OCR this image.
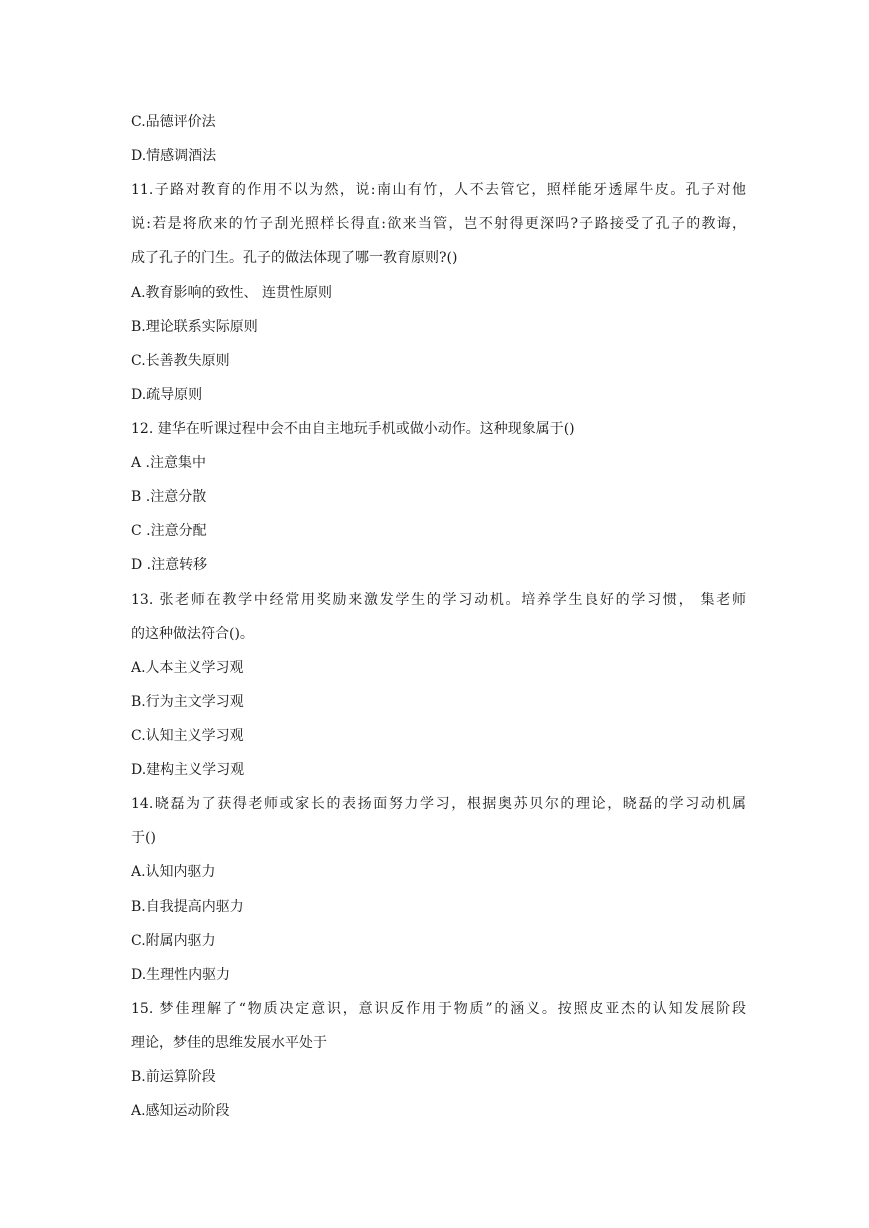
C.品德评价法
D.情感调酒法
11.子路对教育的作用不以为然，说:南山有竹，人不去管它，照样能牙透犀牛皮。孔子对他
说:若是将欣来的竹子刮光照样长得直:欲来当管，岂不射得更深吗?子路接受了孔子的教诲，
成了孔子的门生。孔子的做法体现了哪一教育原则?()
A.教育影响的致性、 连贯性原则
B.理论联系实际原则
C.长善教失原则
D.疏导原则
12. 建华在听课过程中会不由自主地玩手机或做小动作。这种现象属于()
A .注意集中
B .注意分散
C .注意分配
D .注意转移
13. 张老师在教学中经常用奖励来激发学生的学习动机。培养学生良好的学习惯， 集老师
的这种做法符合()。
A.人本主义学习观
B.行为主文学习观
C.认知主义学习观
D.建构主义学习观
14.晓磊为了获得老师或家长的表扬面努力学习，根据奥苏贝尔的理论，晓磊的学习动机属
于()
A.认知内驱力
B.自我提高内驱力
C.附属内驱力
D.生理性内驱力
15. 梦佳理解了“物质决定意识，意识反作用于物质”的涵义。按照皮亚杰的认知发展阶段
理论，梦佳的思维发展水平处于
B.前运算阶段
A.感知运动阶段
